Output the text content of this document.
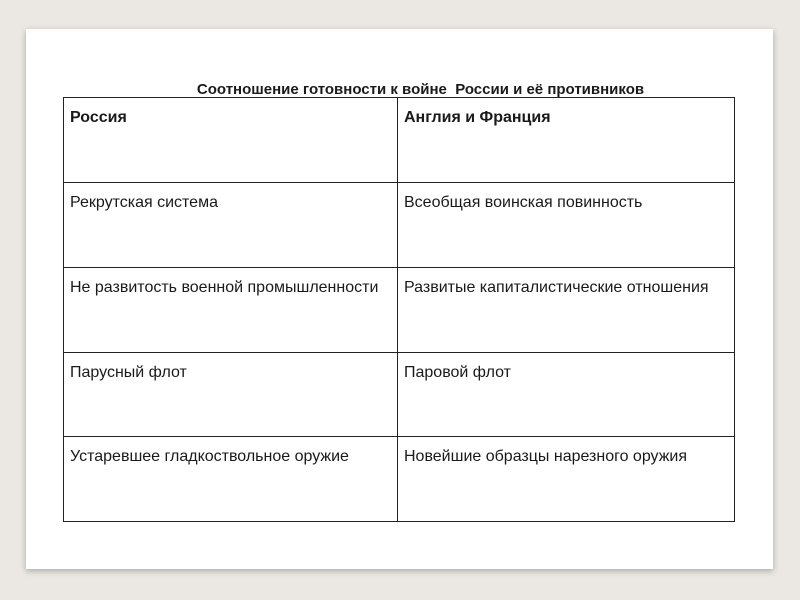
Соотношение готовности к войне  России и её противников
Россия	Англия и Франция
Рекрутская система	Всеобщая воинская повинность
Не развитость военной промышленности	Развитые капиталистические отношения
Парусный флот	Паровой флот
Устаревшее гладкоствольное оружие	Новейшие образцы нарезного оружия
